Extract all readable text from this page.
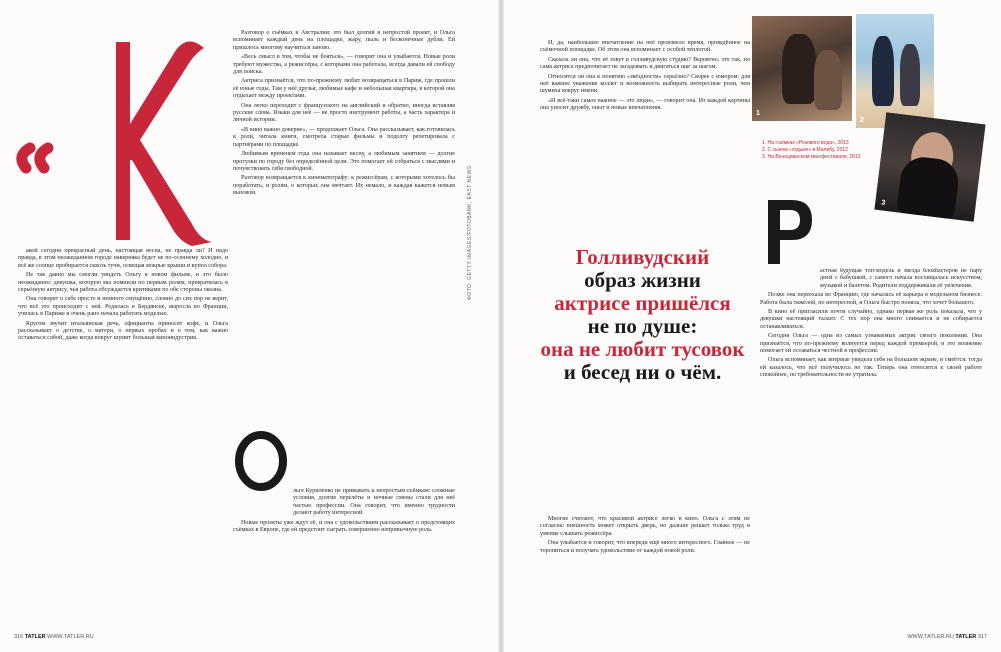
акой сегодня прекрасный день, настоящая весна, не правда ли? И надо правда, в этом неожиданном городе наверняка будет не по-осеннему холодно, и всё же солнце пробирается сквозь тучи, освещая мокрые крыши и купол собора.

Не так давно мы смогли увидеть Ольгу в новом фильме, и это было неожиданно: девушка, которую мы помнили по первым ролям, превратилась в серьёзную актрису, чья работа обсуждается критиками по обе стороны океана.

Она говорит о себе просто и немного смущённо, словно до сих пор не верит, что всё это происходит с ней. Родилась в Бердянске, выросла во Франции, училась в Париже и очень рано начала работать моделью.

Кругом звучит итальянская речь, официанты приносят кофе, и Ольга рассказывает о детстве, о матери, о первых пробах и о том, как важно оставаться собой, даже когда вокруг шумит большая киноиндустрия.

Разговор о съёмках в Австралии: это был долгий и непростой проект, и Ольга вспоминает каждый день на площадке, жару, пыль и бесконечные дубли. Ей пришлось многому научиться заново.

«Весь смысл в том, чтобы не бояться», — говорит она и улыбается. Новые роли требуют мужества, а режиссёры, с которыми она работала, всегда давали ей свободу для поиска.

Актриса признаётся, что по-прежнему любит возвращаться в Париж, где прошли её юные годы. Там у неё друзья, любимые кафе и небольшая квартира, в которой она отдыхает между проектами.

Она легко переходит с французского на английский и обратно, иногда вставляя русские слова. Языки для неё — не просто инструмент работы, а часть характера и личной истории.

«В кино важно доверие», — продолжает Ольга. Она рассказывает, как готовилась к роли, читала книги, смотрела старые фильмы и подолгу репетировала с партнёрами по площадке.

Любимым временем года она называет весну, а любимым занятием — долгие прогулки по городу без определённой цели. Это помогает ей собраться с мыслями и почувствовать себя свободной.

Разговор возвращается к кинематографу: к режиссёрам, с которыми хотелось бы поработать, и ролям, о которых она мечтает. Их немало, и каждая кажется новым вызовом.

льге Куриленко не привыкать к непростым съёмкам: сложные условия, долгие перелёты и ночные смены стали для неё частью профессии. Она говорит, что именно трудности делают работу интересной.

Новые проекты уже ждут её, и она с удовольствием рассказывает о предстоящих съёмках в Европе, где ей предстоит сыграть совершенно непривычную роль.

ФОТО: GETTY IMAGES/FOTOBANK, EAST NEWS

И, да, наибольшее впечатление на неё произвело время, проведённое на съёмочной площадке. Об этом она вспоминает с особой теплотой.

Сказала ли она, что её зовут в голливудскую студию? Вероятно, это так, но сама актриса предпочитает не загадывать и двигаться шаг за шагом.

Относится ли она к понятию «звёздности» серьёзно? Скорее с юмором: для неё важнее уважение коллег и возможность выбирать интересные роли, чем шумиха вокруг имени.

«И всё-таки самое важное — это люди», — говорит она. Из каждой картины она уносит дружбу, опыт и новые впечатления.

1
2
3
1. На съёмках «Розового вода», 2013
2. С сыном «отдыхе» в Малибу, 2012
3. На Венецианском кинофестивале, 2012
Голливудский
образ жизни
актрисе пришёлся
не по душе:
она не любит тусовок
и бесед ни о чём.

астная будущая топ-модель и звезда блокбастеров не пару дней с бабушкой, с самого начала восхищалась искусством, музыкой и балетом. Родители поддерживали её увлечения.

Позже она переехала во Францию, где началась её карьера в модельном бизнесе. Работа была тяжёлой, но интересной, и Ольга быстро поняла, что хочет большего.

В кино её пригласили почти случайно, однако первая же роль показала, что у девушки настоящий талант. С тех пор она много снимается и не собирается останавливаться.

Сегодня Ольга — одна из самых узнаваемых актрис своего поколения. Она признаётся, что по-прежнему волнуется перед каждой премьерой, и это волнение помогает ей оставаться честной в профессии.

Ольга вспоминает, как впервые увидела себя на большом экране, и смеётся: тогда ей казалось, что всё получилось не так. Теперь она относится к своей работе спокойнее, но требовательности не утратила.

Многие считают, что красивой актрисе легко в кино. Ольга с этим не согласна: внешность может открыть дверь, но дальше решает только труд и умение слышать режиссёра.

Она улыбается и говорит, что впереди ещё много интересного. Главное — не торопиться и получать удовольствие от каждой новой роли.

316 TATLER WWW.TATLER.RU	WWW.TATLER.RU TATLER 317
